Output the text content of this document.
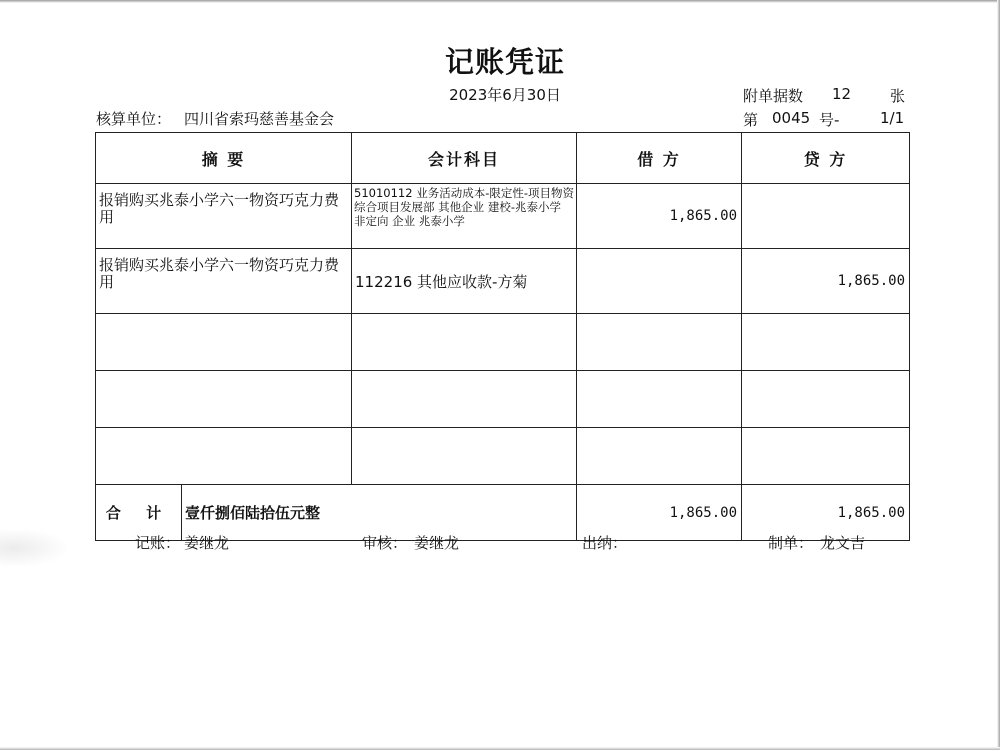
记账凭证
2023年6月30日	附单据数 12	张
核算单位： 四川省索玛慈善基金会	第 0045 号-	1/1
摘 要		会计科目	借 方	贷 方
报销购买兆泰小学六一物资巧克力费用		51010112 业务活动成本-限定性-项目物资 综合项目发展部 其他企业 建校-兆泰小学 非定向 企业 兆泰小学	1,865.00	
报销购买兆泰小学六一物资巧克力费用		112216 其他应收款-方菊		1,865.00

合 计	壹仟捌佰陆拾伍元整		1,865.00	1,865.00
记账： 姜继龙	审核： 姜继龙	出纳：	制单： 龙文吉
